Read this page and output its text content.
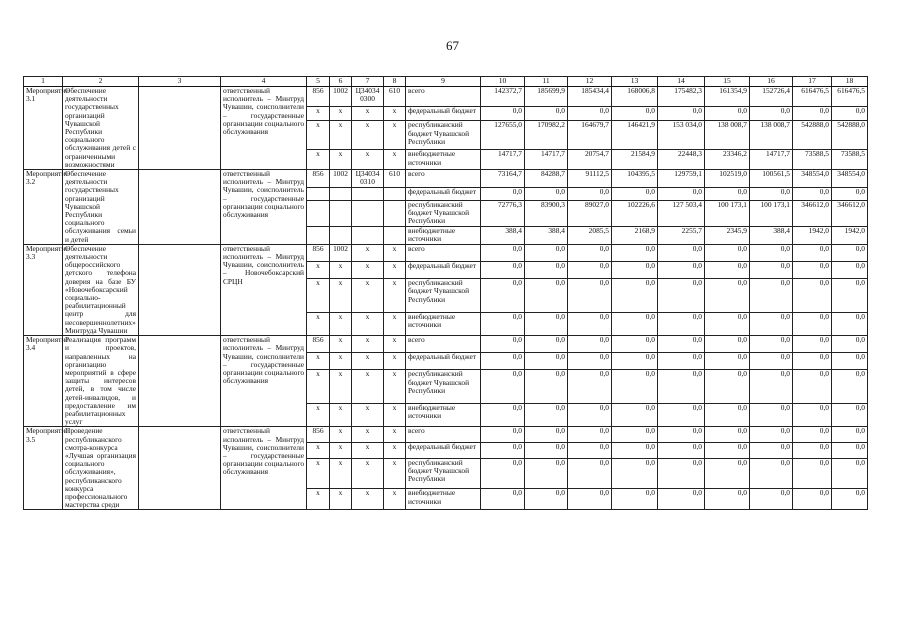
67
1	2	3	4	5	6	7	8	9	10	11	12	13	14	15	16	17	18
Мероприятие 3.1	Обеспечение деятельности государственных организаций Чувашской Республики социального обслуживания детей с ограниченными возможностями		ответственный исполнитель – Минтруд Чувашии, соисполнители – государственные организации социального обслуживания	856	1002	Ц34034 0300	610	всего	142372,7	185699,9	185434,4	168006,8	175482,3	161354,9	152726,4	616476,5	616476,5
				х	х	х	х	федеральный бюджет	0,0	0,0	0,0	0,0	0,0	0,0	0,0	0,0	0,0
				х	х	х	х	республиканский бюджет Чувашской Республики	127655,0	170982,2	164679,7	146421,9	153 034,0	138 008,7	138 008,7	542888,0	542888,0
				х	х	х	х	внебюджетные источники	14717,7	14717,7	20754,7	21584,9	22448,3	23346,2	14717,7	73588,5	73588,5
Мероприятие 3.2	Обеспечение деятельности государственных организаций Чувашской Республики социального обслуживания семьи и детей		ответственный исполнитель – Минтруд Чувашии, соисполнитель – государственные организации социального обслуживания	856	1002	Ц34034 0310	610	всего	73164,7	84288,7	91112,5	104395,5	129759,1	102519,0	100561,5	348554,0	348554,0
								федеральный бюджет	0,0	0,0	0,0	0,0	0,0	0,0	0,0	0,0	0,0
								республиканский бюджет Чувашской Республики	72776,3	83900,3	89027,0	102226,6	127 503,4	100 173,1	100 173,1	346612,0	346612,0
								внебюджетные источники	388,4	388,4	2085,5	2168,9	2255,7	2345,9	388,4	1942,0	1942,0
Мероприятие 3.3	Обеспечение деятельности общероссийского детского телефона доверия на базе БУ «Новочебоксарский социально-реабилитационный центр для несовершеннолетних» Минтруда Чувашии		ответственный исполнитель – Минтруд Чувашии, соисполнитель – Новочебоксарский СРЦН	856	1002	х	х	всего	0,0	0,0	0,0	0,0	0,0	0,0	0,0	0,0	0,0
				х	х	х	х	федеральный бюджет	0,0	0,0	0,0	0,0	0,0	0,0	0,0	0,0	0,0
				х	х	х	х	республиканский бюджет Чувашской Республики	0,0	0,0	0,0	0,0	0,0	0,0	0,0	0,0	0,0
				х	х	х	х	внебюджетные источники	0,0	0,0	0,0	0,0	0,0	0,0	0,0	0,0	0,0
Мероприятие 3.4	Реализация программ и проектов, направленных на организацию мероприятий в сфере защиты интересов детей, в том числе детей-инвалидов, и предоставление им реабилитационных услуг		ответственный исполнитель – Минтруд Чувашии, соисполнители – государственные организации социального обслуживания	856	х	х	х	всего	0,0	0,0	0,0	0,0	0,0	0,0	0,0	0,0	0,0
				х	х	х	х	федеральный бюджет	0,0	0,0	0,0	0,0	0,0	0,0	0,0	0,0	0,0
				х	х	х	х	республиканский бюджет Чувашской Республики	0,0	0,0	0,0	0,0	0,0	0,0	0,0	0,0	0,0
				х	х	х	х	внебюджетные источники	0,0	0,0	0,0	0,0	0,0	0,0	0,0	0,0	0,0
Мероприятие 3.5	Проведение республиканского смотра-конкурса «Лучшая организация социального обслуживания», республиканского конкурса профессионального мастерства среди		ответственный исполнитель – Минтруд Чувашии, соисполнители – государственные организации социального обслуживания	856	х	х	х	всего	0,0	0,0	0,0	0,0	0,0	0,0	0,0	0,0	0,0
				х	х	х	х	федеральный бюджет	0,0	0,0	0,0	0,0	0,0	0,0	0,0	0,0	0,0
				х	х	х	х	республиканский бюджет Чувашской Республики	0,0	0,0	0,0	0,0	0,0	0,0	0,0	0,0	0,0
				х	х	х	х	внебюджетные источники	0,0	0,0	0,0	0,0	0,0	0,0	0,0	0,0	0,0
